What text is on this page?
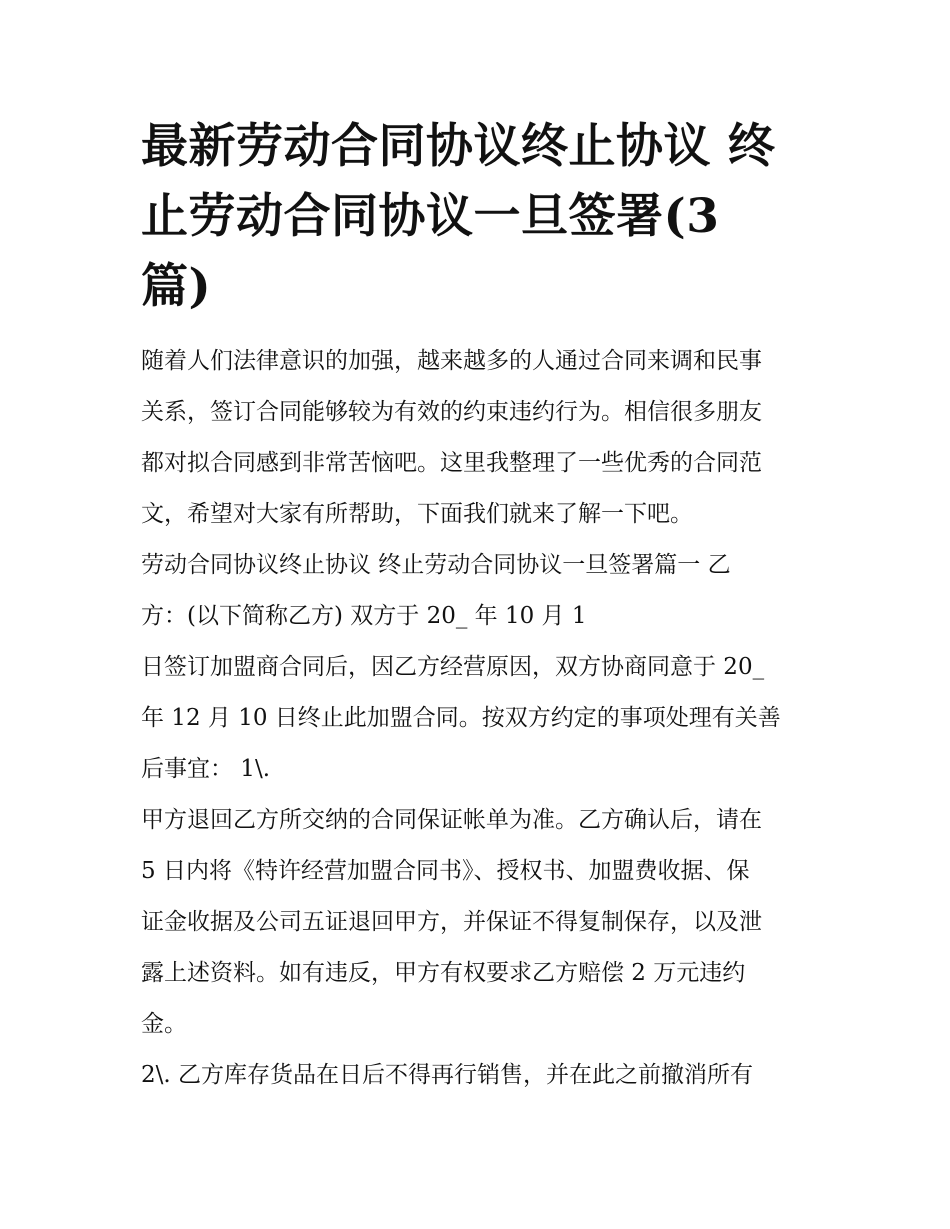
最新劳动合同协议终止协议 终
止劳动合同协议一旦签署(3
篇)
随着人们法律意识的加强，越来越多的人通过合同来调和民事
关系，签订合同能够较为有效的约束违约行为。相信很多朋友
都对拟合同感到非常苦恼吧。这里我整理了一些优秀的合同范
文，希望对大家有所帮助，下面我们就来了解一下吧。
劳动合同协议终止协议 终止劳动合同协议一旦签署篇一 乙
方：(以下简称乙方) 双方于 20_ 年 10 月 1
日签订加盟商合同后，因乙方经营原因，双方协商同意于 20_
年 12 月 10 日终止此加盟合同。按双方约定的事项处理有关善
后事宜： 1\.
甲方退回乙方所交纳的合同保证帐单为准。乙方确认后，请在
5 日内将《特许经营加盟合同书》、授权书、加盟费收据、保
证金收据及公司五证退回甲方，并保证不得复制保存，以及泄
露上述资料。如有违反，甲方有权要求乙方赔偿 2 万元违约
金。
2\. 乙方库存货品在日后不得再行销售，并在此之前撤消所有
